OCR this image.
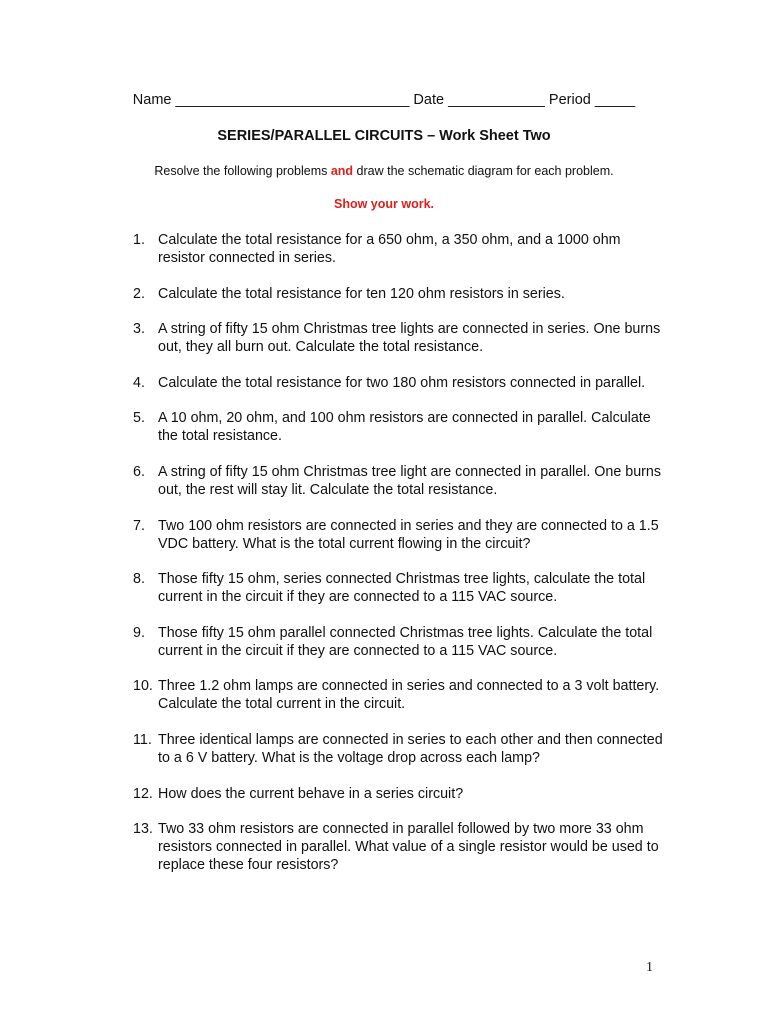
Name _____________________________ Date ____________ Period _____
SERIES/PARALLEL CIRCUITS – Work Sheet Two
Resolve the following problems and draw the schematic diagram for each problem.
Show your work.
1. Calculate the total resistance for a 650 ohm, a 350 ohm, and a 1000 ohm resistor connected in series.
2. Calculate the total resistance for ten 120 ohm resistors in series.
3. A string of fifty 15 ohm Christmas tree lights are connected in series. One burns out, they all burn out. Calculate the total resistance.
4. Calculate the total resistance for two 180 ohm resistors connected in parallel.
5. A 10 ohm, 20 ohm, and 100 ohm resistors are connected in parallel. Calculate the total resistance.
6. A string of fifty 15 ohm Christmas tree light are connected in parallel. One burns out, the rest will stay lit. Calculate the total resistance.
7. Two 100 ohm resistors are connected in series and they are connected to a 1.5 VDC battery. What is the total current flowing in the circuit?
8. Those fifty 15 ohm, series connected Christmas tree lights, calculate the total current in the circuit if they are connected to a 115 VAC source.
9. Those fifty 15 ohm parallel connected Christmas tree lights. Calculate the total current in the circuit if they are connected to a 115 VAC source.
10. Three 1.2 ohm lamps are connected in series and connected to a 3 volt battery. Calculate the total current in the circuit.
11. Three identical lamps are connected in series to each other and then connected to a 6 V battery. What is the voltage drop across each lamp?
12. How does the current behave in a series circuit?
13. Two 33 ohm resistors are connected in parallel followed by two more 33 ohm resistors connected in parallel. What value of a single resistor would be used to replace these four resistors?
1
